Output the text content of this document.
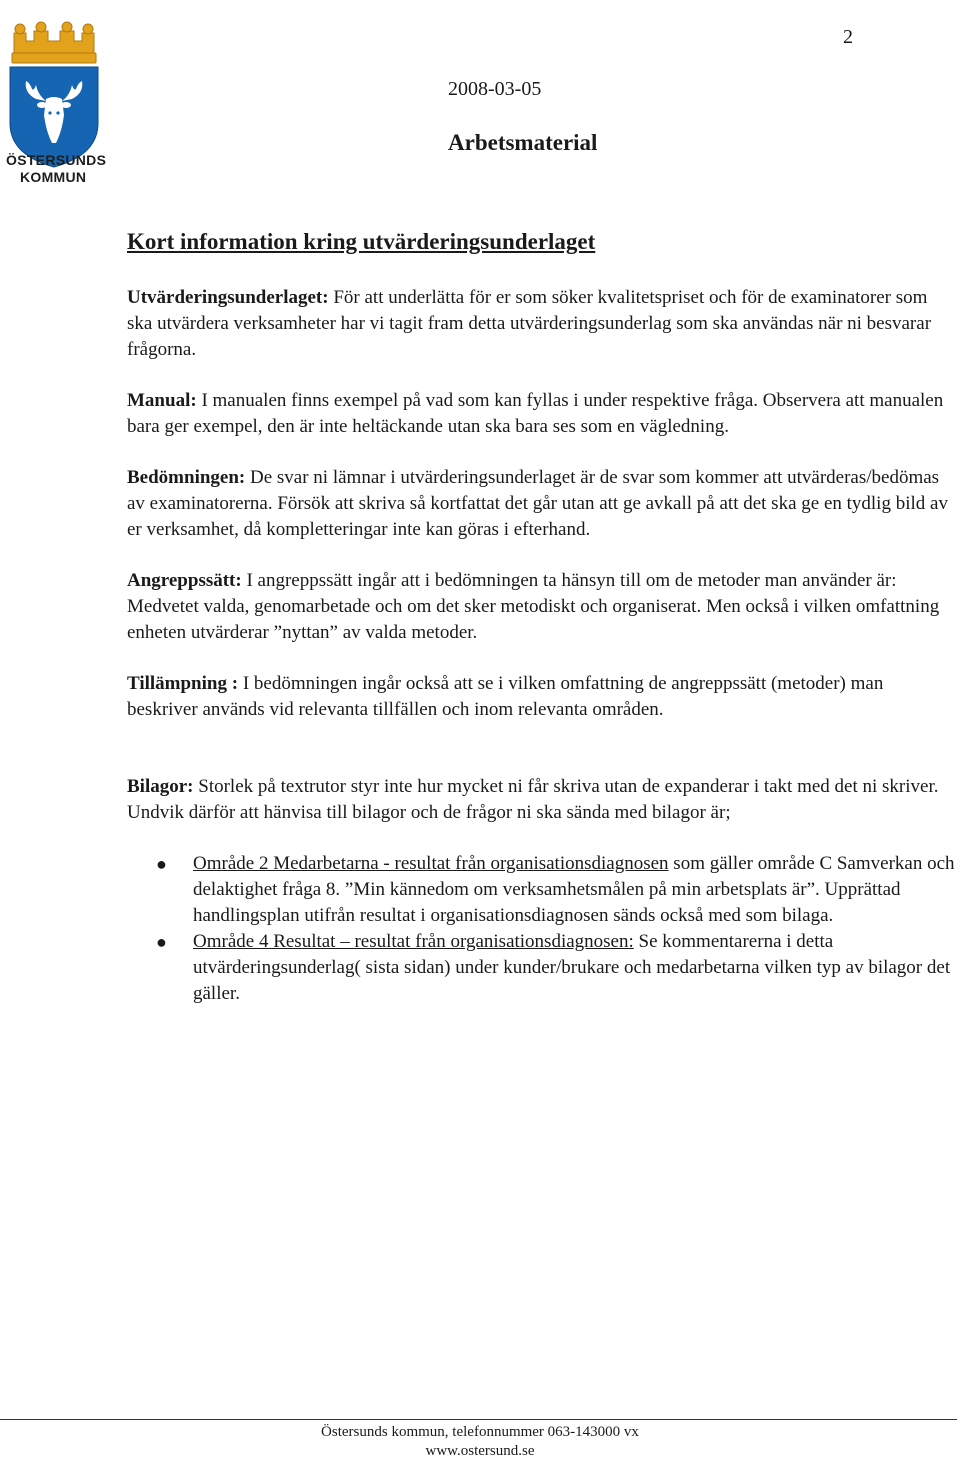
2
ÖSTERSUNDS
KOMMUN
2008-03-05
Arbetsmaterial
Kort information kring utvärderingsunderlaget

Utvärderingsunderlaget: För att underlätta för er som söker kvalitetspriset och för de examinatorer som ska utvärdera verksamheter har vi tagit fram detta utvärderingsunderlag som ska användas när ni besvarar frågorna.

Manual: I manualen finns exempel på vad som kan fyllas i under respektive fråga. Observera att manualen bara ger exempel, den är inte heltäckande utan ska bara ses som en vägledning.

Bedömningen: De svar ni lämnar i utvärderingsunderlaget är de svar som kommer att utvärderas/bedömas av examinatorerna. Försök att skriva så kortfattat det går utan att ge avkall på att det ska ge en tydlig bild av er verksamhet, då kompletteringar inte kan göras i efterhand.

Angreppssätt: I angreppssätt ingår att i bedömningen ta hänsyn till om de metoder man använder är: Medvetet valda, genomarbetade och om det sker metodiskt och organiserat. Men också i vilken omfattning enheten utvärderar ”nyttan” av valda metoder.

Tillämpning : I bedömningen ingår också att se i vilken omfattning de angreppssätt (metoder) man beskriver används vid relevanta tillfällen och inom relevanta områden.

Bilagor: Storlek på textrutor styr inte hur mycket ni får skriva utan de expanderar i takt med det ni skriver. Undvik därför att hänvisa till bilagor och de frågor ni ska sända med bilagor är;

● Område 2 Medarbetarna - resultat från organisationsdiagnosen som gäller område C Samverkan och delaktighet fråga 8. ”Min kännedom om verksamhetsmålen på min arbetsplats är”. Upprättad handlingsplan utifrån resultat i organisationsdiagnosen sänds också med som bilaga.
● Område 4 Resultat – resultat från organisationsdiagnosen: Se kommentarerna i detta utvärderingsunderlag( sista sidan) under kunder/brukare och medarbetarna vilken typ av bilagor det gäller.
Östersunds kommun, telefonnummer 063-143000 vx
www.ostersund.se
